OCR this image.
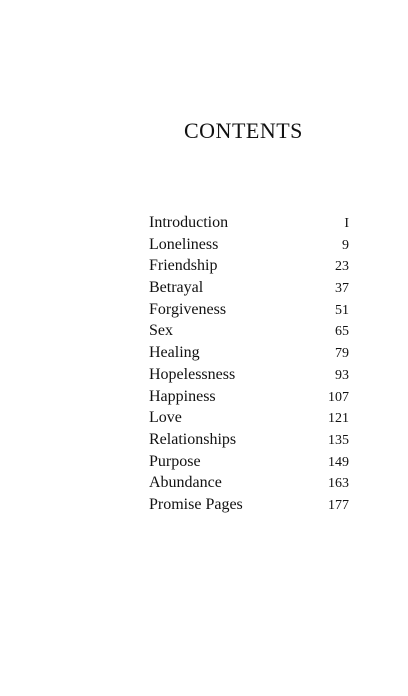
CONTENTS
Introduction	I
Loneliness	9
Friendship	23
Betrayal	37
Forgiveness	51
Sex	65
Healing	79
Hopelessness	93
Happiness	107
Love	121
Relationships	135
Purpose	149
Abundance	163
Promise Pages	177
